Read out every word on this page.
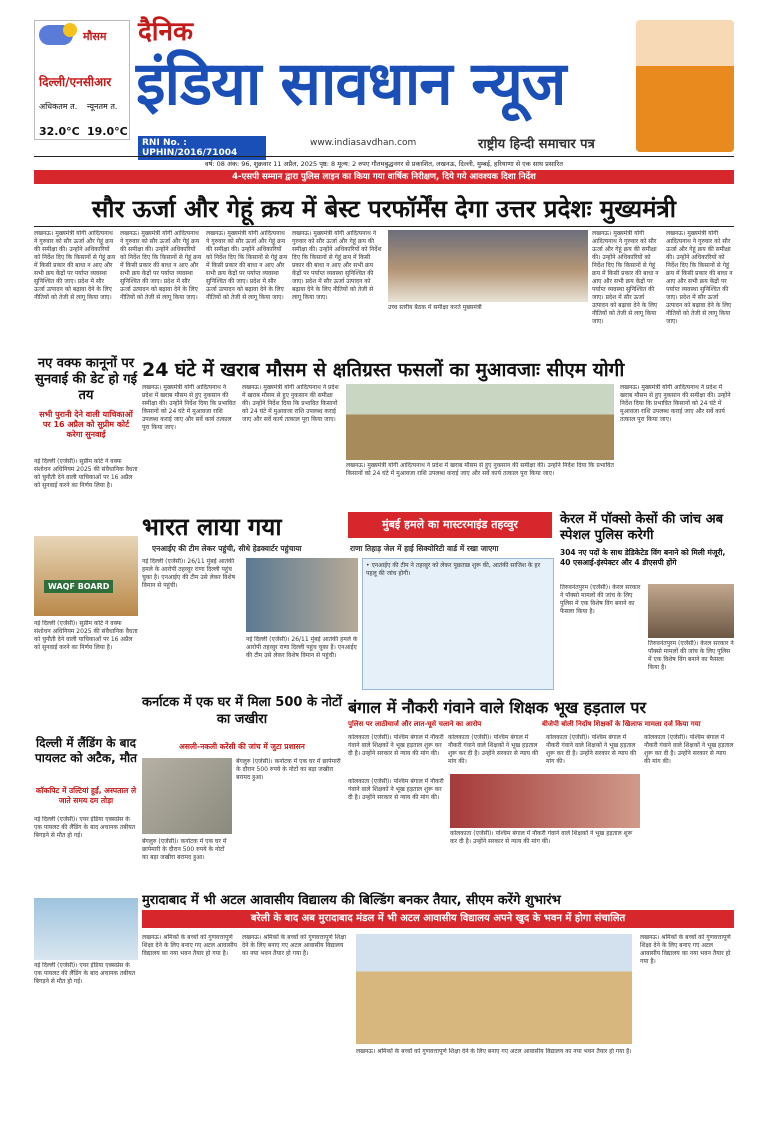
मौसम
दिल्ली/एनसीआर
अधिकतम त. न्यूनतम त.
32.0°C 19.0°C
दैनिक
इंडिया सावधान न्यूज
RNI No. : UPHIN/2016/71004
www.indiasavdhan.com	राष्ट्रीय हिन्दी समाचार पत्र
वर्ष: 08 अंक: 96, शुक्रवार 11 अप्रैल, 2025 पृष्ठ: 8 मूल्य: 2 रुपए गौतमबुद्धनगर से प्रकाशित, लखनऊ, दिल्ली, मुम्बई, हरियाणा से एक साथ प्रसारित
4-एसपी सम्मान द्वारा पुलिस लाइन का किया गया वार्षिक निरीक्षण, दिये गये आवश्यक दिशा निर्देश
सौर ऊर्जा और गेहूं क्रय में बेस्ट परफॉर्मेंस देगा उत्तर प्रदेशः मुख्यमंत्री
लखनऊ। मुख्यमंत्री योगी आदित्यनाथ ने गुरुवार को सौर ऊर्जा और गेहूं क्रय की समीक्षा की। उन्होंने अधिकारियों को निर्देश दिए कि किसानों से गेहूं क्रय में किसी प्रकार की बाधा न आए और सभी क्रय केंद्रों पर पर्याप्त व्यवस्था सुनिश्चित की जाए। प्रदेश में सौर ऊर्जा उत्पादन को बढ़ावा देने के लिए नीतियों को तेजी से लागू किया जाए।
लखनऊ। मुख्यमंत्री योगी आदित्यनाथ ने गुरुवार को सौर ऊर्जा और गेहूं क्रय की समीक्षा की। उन्होंने अधिकारियों को निर्देश दिए कि किसानों से गेहूं क्रय में किसी प्रकार की बाधा न आए और सभी क्रय केंद्रों पर पर्याप्त व्यवस्था सुनिश्चित की जाए। प्रदेश में सौर ऊर्जा उत्पादन को बढ़ावा देने के लिए नीतियों को तेजी से लागू किया जाए।
लखनऊ। मुख्यमंत्री योगी आदित्यनाथ ने गुरुवार को सौर ऊर्जा और गेहूं क्रय की समीक्षा की। उन्होंने अधिकारियों को निर्देश दिए कि किसानों से गेहूं क्रय में किसी प्रकार की बाधा न आए और सभी क्रय केंद्रों पर पर्याप्त व्यवस्था सुनिश्चित की जाए। प्रदेश में सौर ऊर्जा उत्पादन को बढ़ावा देने के लिए नीतियों को तेजी से लागू किया जाए।
लखनऊ। मुख्यमंत्री योगी आदित्यनाथ ने गुरुवार को सौर ऊर्जा और गेहूं क्रय की समीक्षा की। उन्होंने अधिकारियों को निर्देश दिए कि किसानों से गेहूं क्रय में किसी प्रकार की बाधा न आए और सभी क्रय केंद्रों पर पर्याप्त व्यवस्था सुनिश्चित की जाए। प्रदेश में सौर ऊर्जा उत्पादन को बढ़ावा देने के लिए नीतियों को तेजी से लागू किया जाए।
उच्च स्तरीय बैठक में समीक्षा करते मुख्यमंत्री
लखनऊ। मुख्यमंत्री योगी आदित्यनाथ ने गुरुवार को सौर ऊर्जा और गेहूं क्रय की समीक्षा की। उन्होंने अधिकारियों को निर्देश दिए कि किसानों से गेहूं क्रय में किसी प्रकार की बाधा न आए और सभी क्रय केंद्रों पर पर्याप्त व्यवस्था सुनिश्चित की जाए। प्रदेश में सौर ऊर्जा उत्पादन को बढ़ावा देने के लिए नीतियों को तेजी से लागू किया जाए।
लखनऊ। मुख्यमंत्री योगी आदित्यनाथ ने गुरुवार को सौर ऊर्जा और गेहूं क्रय की समीक्षा की। उन्होंने अधिकारियों को निर्देश दिए कि किसानों से गेहूं क्रय में किसी प्रकार की बाधा न आए और सभी क्रय केंद्रों पर पर्याप्त व्यवस्था सुनिश्चित की जाए। प्रदेश में सौर ऊर्जा उत्पादन को बढ़ावा देने के लिए नीतियों को तेजी से लागू किया जाए।
24 घंटे में खराब मौसम से क्षतिग्रस्त फसलों का मुआवजाः सीएम योगी
लखनऊ। मुख्यमंत्री योगी आदित्यनाथ ने प्रदेश में खराब मौसम से हुए नुकसान की समीक्षा की। उन्होंने निर्देश दिया कि प्रभावित किसानों को 24 घंटे में मुआवजा राशि उपलब्ध कराई जाए और सर्वे कार्य तत्काल पूरा किया जाए।
लखनऊ। मुख्यमंत्री योगी आदित्यनाथ ने प्रदेश में खराब मौसम से हुए नुकसान की समीक्षा की। उन्होंने निर्देश दिया कि प्रभावित किसानों को 24 घंटे में मुआवजा राशि उपलब्ध कराई जाए और सर्वे कार्य तत्काल पूरा किया जाए।
लखनऊ। मुख्यमंत्री योगी आदित्यनाथ ने प्रदेश में खराब मौसम से हुए नुकसान की समीक्षा की। उन्होंने निर्देश दिया कि प्रभावित किसानों को 24 घंटे में मुआवजा राशि उपलब्ध कराई जाए और सर्वे कार्य तत्काल पूरा किया जाए।
लखनऊ। मुख्यमंत्री योगी आदित्यनाथ ने प्रदेश में खराब मौसम से हुए नुकसान की समीक्षा की। उन्होंने निर्देश दिया कि प्रभावित किसानों को 24 घंटे में मुआवजा राशि उपलब्ध कराई जाए और सर्वे कार्य तत्काल पूरा किया जाए।
नए वक्फ कानूनों पर सुनवाई की डेट हो गई तय
सभी पुरानी देने वाली याचिकाओं पर 16 अप्रैल को सुप्रीम कोर्ट करेगा सुनवाई
नई दिल्ली (एजेंसी)। सुप्रीम कोर्ट ने वक्फ संशोधन अधिनियम 2025 की संवैधानिक वैधता को चुनौती देने वाली याचिकाओं पर 16 अप्रैल को सुनवाई करने का निर्णय लिया है।
WAQF BOARD
नई दिल्ली (एजेंसी)। सुप्रीम कोर्ट ने वक्फ संशोधन अधिनियम 2025 की संवैधानिक वैधता को चुनौती देने वाली याचिकाओं पर 16 अप्रैल को सुनवाई करने का निर्णय लिया है।
भारत लाया गया	मुंबई हमले का मास्टरमाइंड तहव्वुर
एनआईए की टीम लेकर पहुंची, सीधे हेडक्वार्टर पहुंचाया	राणा तिहाड़ जेल में हाई सिक्योरिटी वार्ड में रखा जाएगा
नई दिल्ली (एजेंसी)। 26/11 मुंबई आतंकी हमले के आरोपी तहव्वुर राणा दिल्ली पहुंच चुका है। एनआईए की टीम उसे लेकर विशेष विमान से पहुंची।
नई दिल्ली (एजेंसी)। 26/11 मुंबई आतंकी हमले के आरोपी तहव्वुर राणा दिल्ली पहुंच चुका है। एनआईए की टीम उसे लेकर विशेष विमान से पहुंची।
• एनआईए की टीम ने तहव्वुर को लेकर पूछताछ शुरू की, आतंकी साजिश के हर पहलू की जांच होगी।
केरल में पॉक्सो केसों की जांच अब स्पेशल पुलिस करेगी
304 नए पदों के साथ डेडिकेटेड विंग बनाने को मिली मंजूरी, 40 एसआई-इंस्पेक्टर और 4 डीएसपी होंगे
तिरुवनंतपुरम (एजेंसी)। केरल सरकार ने पॉक्सो मामलों की जांच के लिए पुलिस में एक विशेष विंग बनाने का फैसला किया है।
तिरुवनंतपुरम (एजेंसी)। केरल सरकार ने पॉक्सो मामलों की जांच के लिए पुलिस में एक विशेष विंग बनाने का फैसला किया है।
दिल्ली में लैंडिंग के बाद पायलट को अटैक, मौत
कॉकपिट में उल्टियां हुईं, अस्पताल ले जाते समय दम तोड़ा
नई दिल्ली (एजेंसी)। एयर इंडिया एक्सप्रेस के एक पायलट की लैंडिंग के बाद अचानक तबीयत बिगड़ने से मौत हो गई।
नई दिल्ली (एजेंसी)। एयर इंडिया एक्सप्रेस के एक पायलट की लैंडिंग के बाद अचानक तबीयत बिगड़ने से मौत हो गई।
कर्नाटक में एक घर में मिला 500 के नोटों का जखीरा
असली-नकली करेंसी की जांच में जुटा प्रशासन
बेंगलुरु (एजेंसी)। कर्नाटक में एक घर में छापेमारी के दौरान 500 रुपये के नोटों का बड़ा जखीरा बरामद हुआ।
बेंगलुरु (एजेंसी)। कर्नाटक में एक घर में छापेमारी के दौरान 500 रुपये के नोटों का बड़ा जखीरा बरामद हुआ।
बंगाल में नौकरी गंवाने वाले शिक्षक भूख हड़ताल पर
पुलिस पर लाठीचार्ज और लात-घूसे चलाने का आरोप	बीजेपी बोली निर्दोष शिक्षकों के खिलाफ मामला दर्ज किया गया
कोलकाता (एजेंसी)। पश्चिम बंगाल में नौकरी गंवाने वाले शिक्षकों ने भूख हड़ताल शुरू कर दी है। उन्होंने सरकार से न्याय की मांग की।
कोलकाता (एजेंसी)। पश्चिम बंगाल में नौकरी गंवाने वाले शिक्षकों ने भूख हड़ताल शुरू कर दी है। उन्होंने सरकार से न्याय की मांग की।
कोलकाता (एजेंसी)। पश्चिम बंगाल में नौकरी गंवाने वाले शिक्षकों ने भूख हड़ताल शुरू कर दी है। उन्होंने सरकार से न्याय की मांग की।
कोलकाता (एजेंसी)। पश्चिम बंगाल में नौकरी गंवाने वाले शिक्षकों ने भूख हड़ताल शुरू कर दी है। उन्होंने सरकार से न्याय की मांग की।
कोलकाता (एजेंसी)। पश्चिम बंगाल में नौकरी गंवाने वाले शिक्षकों ने भूख हड़ताल शुरू कर दी है। उन्होंने सरकार से न्याय की मांग की।
कोलकाता (एजेंसी)। पश्चिम बंगाल में नौकरी गंवाने वाले शिक्षकों ने भूख हड़ताल शुरू कर दी है। उन्होंने सरकार से न्याय की मांग की।
मुरादाबाद में भी अटल आवासीय विद्यालय की बिल्डिंग बनकर तैयार, सीएम करेंगे शुभारंभ
बरेली के बाद अब मुरादाबाद मंडल में भी अटल आवासीय विद्यालय अपने खुद के भवन में होगा संचालित
लखनऊ। श्रमिकों के बच्चों को गुणवत्तापूर्ण शिक्षा देने के लिए बनाए गए अटल आवासीय विद्यालय का नया भवन तैयार हो गया है।
लखनऊ। श्रमिकों के बच्चों को गुणवत्तापूर्ण शिक्षा देने के लिए बनाए गए अटल आवासीय विद्यालय का नया भवन तैयार हो गया है।
लखनऊ। श्रमिकों के बच्चों को गुणवत्तापूर्ण शिक्षा देने के लिए बनाए गए अटल आवासीय विद्यालय का नया भवन तैयार हो गया है।
लखनऊ। श्रमिकों के बच्चों को गुणवत्तापूर्ण शिक्षा देने के लिए बनाए गए अटल आवासीय विद्यालय का नया भवन तैयार हो गया है।
